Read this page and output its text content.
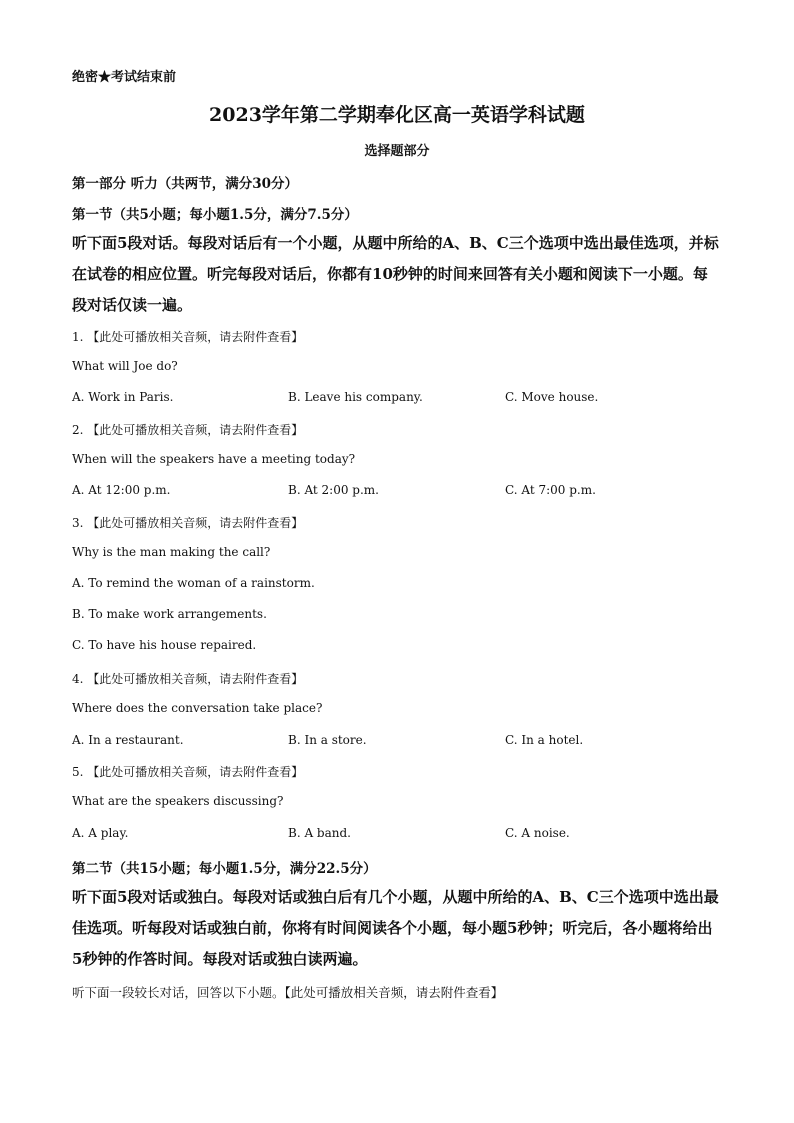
绝密★考试结束前
2023学年第二学期奉化区高一英语学科试题
选择题部分
第一部分 听力（共两节，满分30分）
第一节（共5小题；每小题1.5分，满分7.5分）
听下面5段对话。每段对话后有一个小题，从题中所给的A、B、C三个选项中选出最佳选项，并标在试卷的相应位置。听完每段对话后，你都有10秒钟的时间来回答有关小题和阅读下一小题。每段对话仅读一遍。
1. 【此处可播放相关音频，请去附件查看】
What will Joe do?
A. Work in Paris.	B. Leave his company.	C. Move house.
2. 【此处可播放相关音频，请去附件查看】
When will the speakers have a meeting today?
A. At 12:00 p.m.	B. At 2:00 p.m.	C. At 7:00 p.m.
3. 【此处可播放相关音频，请去附件查看】
Why is the man making the call?
A. To remind the woman of a rainstorm.
B. To make work arrangements.
C. To have his house repaired.
4. 【此处可播放相关音频，请去附件查看】
Where does the conversation take place?
A. In a restaurant.	B. In a store.	C. In a hotel.
5. 【此处可播放相关音频，请去附件查看】
What are the speakers discussing?
A. A play.	B. A band.	C. A noise.
第二节（共15小题；每小题1.5分，满分22.5分）
听下面5段对话或独白。每段对话或独白后有几个小题，从题中所给的A、B、C三个选项中选出最佳选项。听每段对话或独白前，你将有时间阅读各个小题，每小题5秒钟；听完后，各小题将给出5秒钟的作答时间。每段对话或独白读两遍。
听下面一段较长对话，回答以下小题。【此处可播放相关音频，请去附件查看】
